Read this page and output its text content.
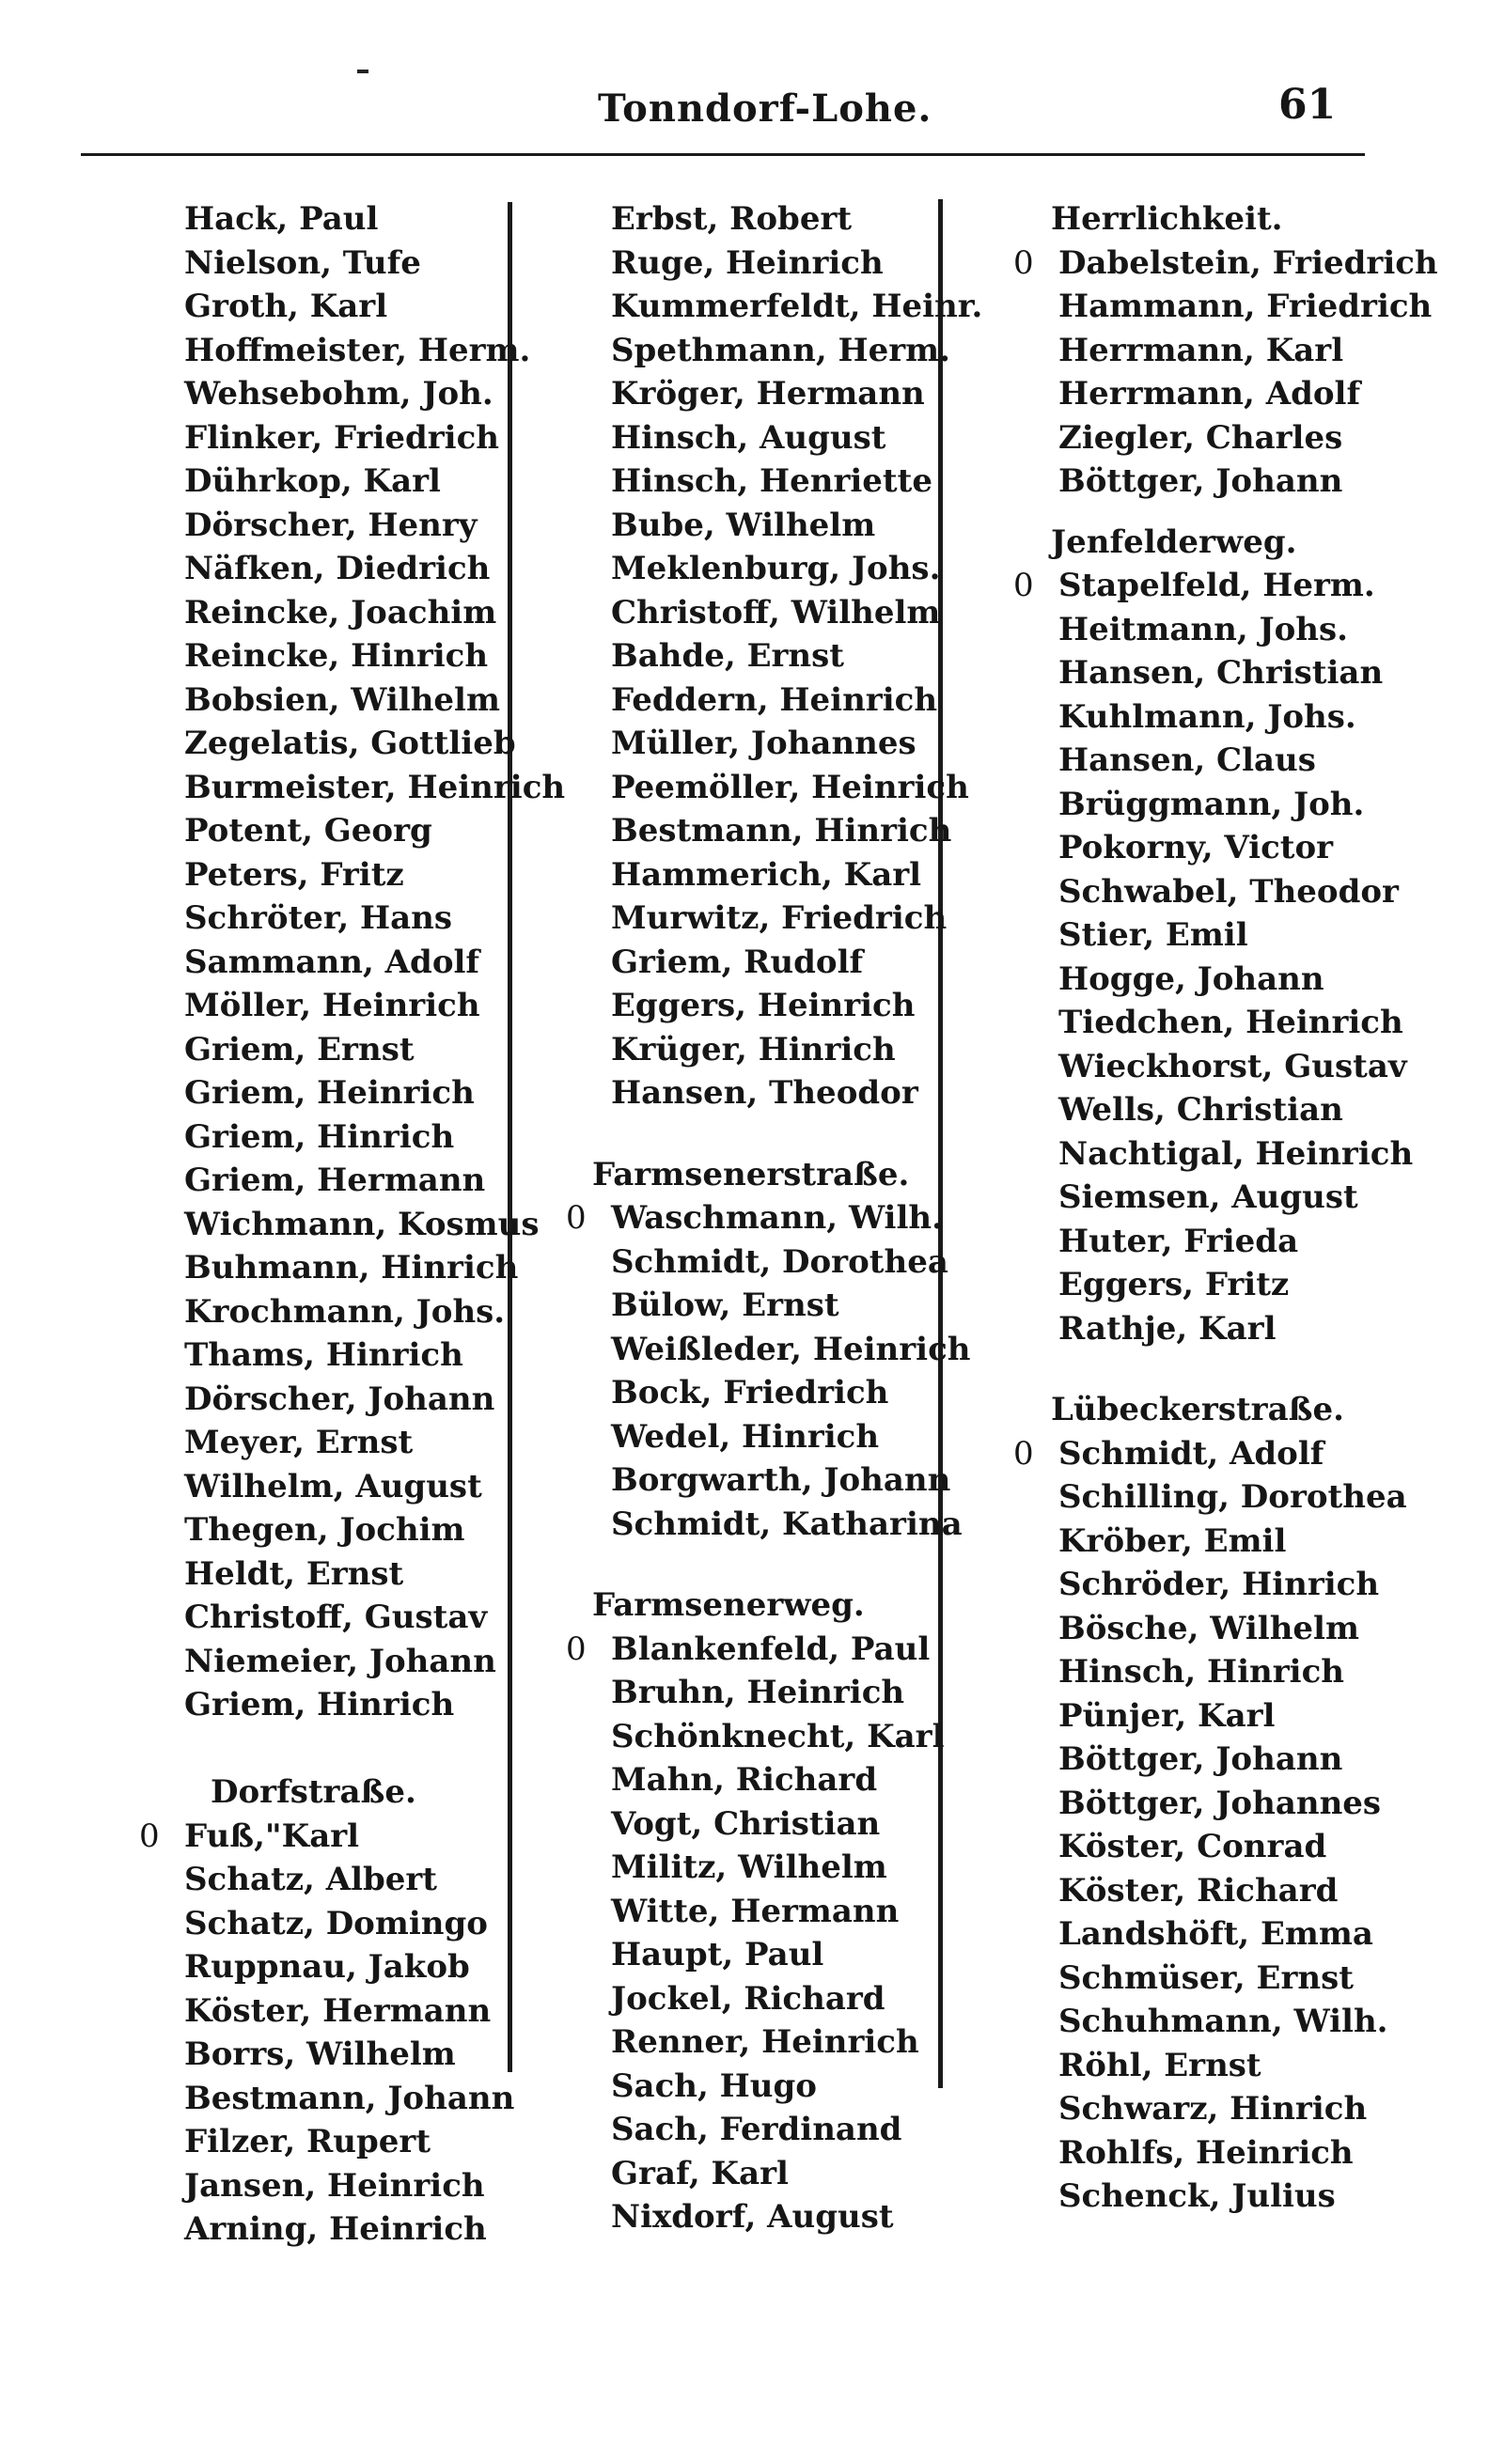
Tonndorf-Lohe.	61
Hack, Paul
Nielson, Tufe
Groth, Karl
Hoffmeister, Herm.
Wehsebohm, Joh.
Flinker, Friedrich
Dührkop, Karl
Dörscher, Henry
Näfken, Diedrich
Reincke, Joachim
Reincke, Hinrich
Bobsien, Wilhelm
Zegelatis, Gottlieb
Burmeister, Heinrich
Potent, Georg
Peters, Fritz
Schröter, Hans
Sammann, Adolf
Möller, Heinrich
Griem, Ernst
Griem, Heinrich
Griem, Hinrich
Griem, Hermann
Wichmann, Kosmus
Buhmann, Hinrich
Krochmann, Johs.
Thams, Hinrich
Dörscher, Johann
Meyer, Ernst
Wilhelm, August
Thegen, Jochim
Heldt, Ernst
Christoff, Gustav
Niemeier, Johann
Griem, Hinrich
Dorfstraße.
0 Fuß,"Karl
Schatz, Albert
Schatz, Domingo
Ruppnau, Jakob
Köster, Hermann
Borrs, Wilhelm
Bestmann, Johann
Filzer, Rupert
Jansen, Heinrich
Arning, Heinrich
Erbst, Robert
Ruge, Heinrich
Kummerfeldt, Heinr.
Spethmann, Herm.
Kröger, Hermann
Hinsch, August
Hinsch, Henriette
Bube, Wilhelm
Meklenburg, Johs.
Christoff, Wilhelm
Bahde, Ernst
Feddern, Heinrich
Müller, Johannes
Peemöller, Heinrich
Bestmann, Hinrich
Hammerich, Karl
Murwitz, Friedrich
Griem, Rudolf
Eggers, Heinrich
Krüger, Hinrich
Hansen, Theodor
Farmsenerstraße.
0 Waschmann, Wilh.
Schmidt, Dorothea
Bülow, Ernst
Weißleder, Heinrich
Bock, Friedrich
Wedel, Hinrich
Borgwarth, Johann
Schmidt, Katharina
Farmsenerweg.
0 Blankenfeld, Paul
Bruhn, Heinrich
Schönknecht, Karl
Mahn, Richard
Vogt, Christian
Militz, Wilhelm
Witte, Hermann
Haupt, Paul
Jockel, Richard
Renner, Heinrich
Sach, Hugo
Sach, Ferdinand
Graf, Karl
Nixdorf, August
Herrlichkeit.
0 Dabelstein, Friedrich
Hammann, Friedrich
Herrmann, Karl
Herrmann, Adolf
Ziegler, Charles
Böttger, Johann
Jenfelderweg.
0 Stapelfeld, Herm.
Heitmann, Johs.
Hansen, Christian
Kuhlmann, Johs.
Hansen, Claus
Brüggmann, Joh.
Pokorny, Victor
Schwabel, Theodor
Stier, Emil
Hogge, Johann
Tiedchen, Heinrich
Wieckhorst, Gustav
Wells, Christian
Nachtigal, Heinrich
Siemsen, August
Huter, Frieda
Eggers, Fritz
Rathje, Karl
Lübeckerstraße.
0 Schmidt, Adolf
Schilling, Dorothea
Kröber, Emil
Schröder, Hinrich
Bösche, Wilhelm
Hinsch, Hinrich
Pünjer, Karl
Böttger, Johann
Böttger, Johannes
Köster, Conrad
Köster, Richard
Landshöft, Emma
Schmüser, Ernst
Schuhmann, Wilh.
Röhl, Ernst
Schwarz, Hinrich
Rohlfs, Heinrich
Schenck, Julius
